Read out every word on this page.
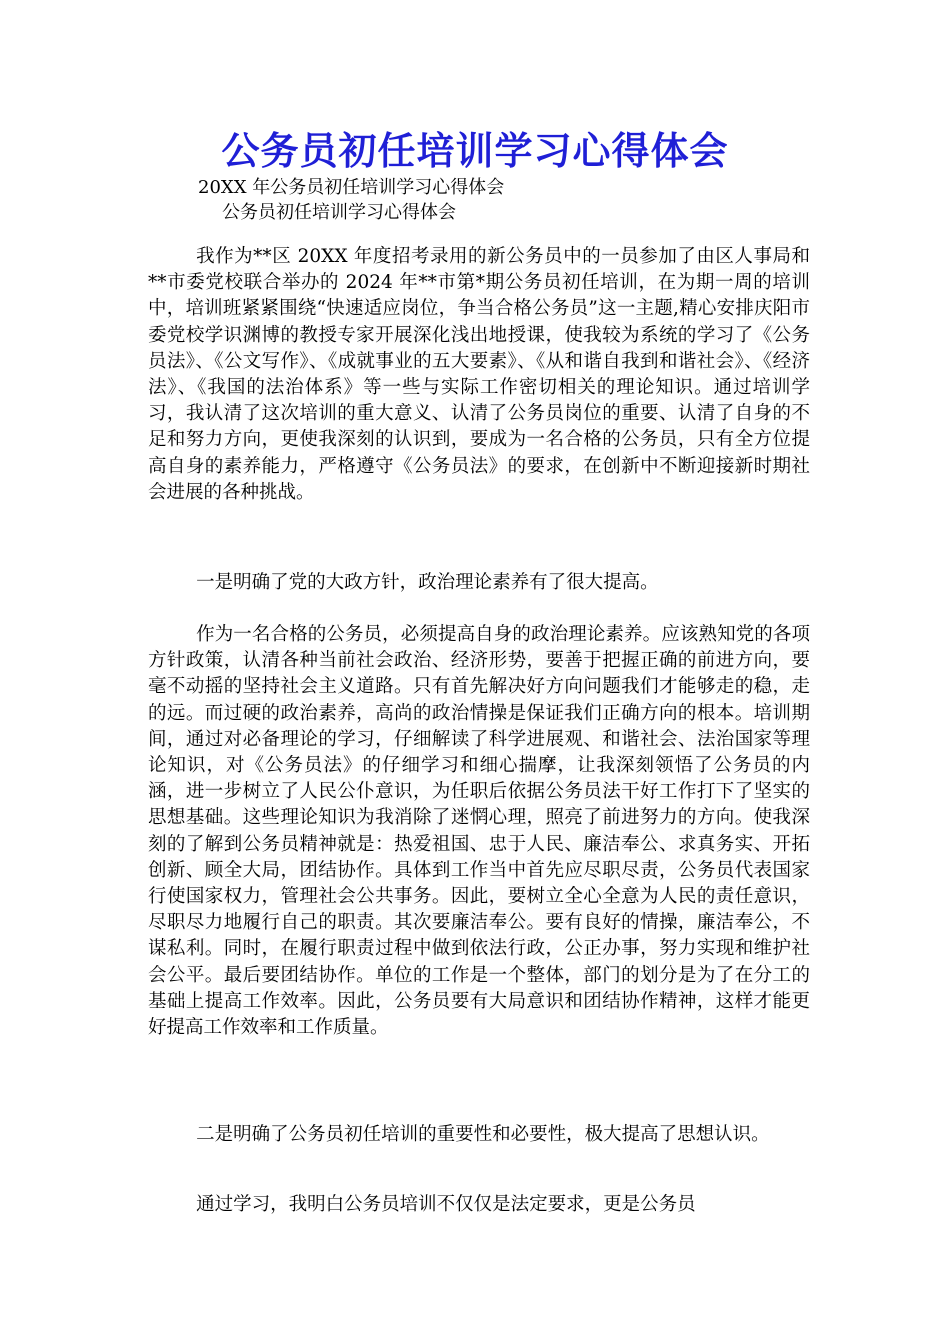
公务员初任培训学习心得体会
20XX 年公务员初任培训学习心得体会
公务员初任培训学习心得体会

我作为**区 20XX 年度招考录用的新公务员中的一员参加了由区人事局和**市委党校联合举办的 2024 年**市第*期公务员初任培训，在为期一周的培训中，培训班紧紧围绕“快速适应岗位，争当合格公务员”这一主题,精心安排庆阳市委党校学识渊博的教授专家开展深化浅出地授课，使我较为系统的学习了《公务员法》、《公文写作》、《成就事业的五大要素》、《从和谐自我到和谐社会》、《经济法》、《我国的法治体系》等一些与实际工作密切相关的理论知识。通过培训学习，我认清了这次培训的重大意义、认清了公务员岗位的重要、认清了自身的不足和努力方向，更使我深刻的认识到，要成为一名合格的公务员，只有全方位提高自身的素养能力，严格遵守《公务员法》的要求，在创新中不断迎接新时期社会进展的各种挑战。

一是明确了党的大政方针，政治理论素养有了很大提高。

作为一名合格的公务员，必须提高自身的政治理论素养。应该熟知党的各项方针政策，认清各种当前社会政治、经济形势，要善于把握正确的前进方向，要毫不动摇的坚持社会主义道路。只有首先解决好方向问题我们才能够走的稳，走的远。而过硬的政治素养，高尚的政治情操是保证我们正确方向的根本。培训期间，通过对必备理论的学习，仔细解读了科学进展观、和谐社会、法治国家等理论知识，对《公务员法》的仔细学习和细心揣摩，让我深刻领悟了公务员的内涵，进一步树立了人民公仆意识，为任职后依据公务员法干好工作打下了坚实的思想基础。这些理论知识为我消除了迷惘心理，照亮了前进努力的方向。使我深刻的了解到公务员精神就是：热爱祖国、忠于人民、廉洁奉公、求真务实、开拓创新、顾全大局，团结协作。具体到工作当中首先应尽职尽责，公务员代表国家行使国家权力，管理社会公共事务。因此，要树立全心全意为人民的责任意识，尽职尽力地履行自己的职责。其次要廉洁奉公。要有良好的情操，廉洁奉公，不谋私利。同时，在履行职责过程中做到依法行政，公正办事，努力实现和维护社会公平。最后要团结协作。单位的工作是一个整体，部门的划分是为了在分工的基础上提高工作效率。因此，公务员要有大局意识和团结协作精神，这样才能更好提高工作效率和工作质量。

二是明确了公务员初任培训的重要性和必要性，极大提高了思想认识。

通过学习，我明白公务员培训不仅仅是法定要求，更是公务员
